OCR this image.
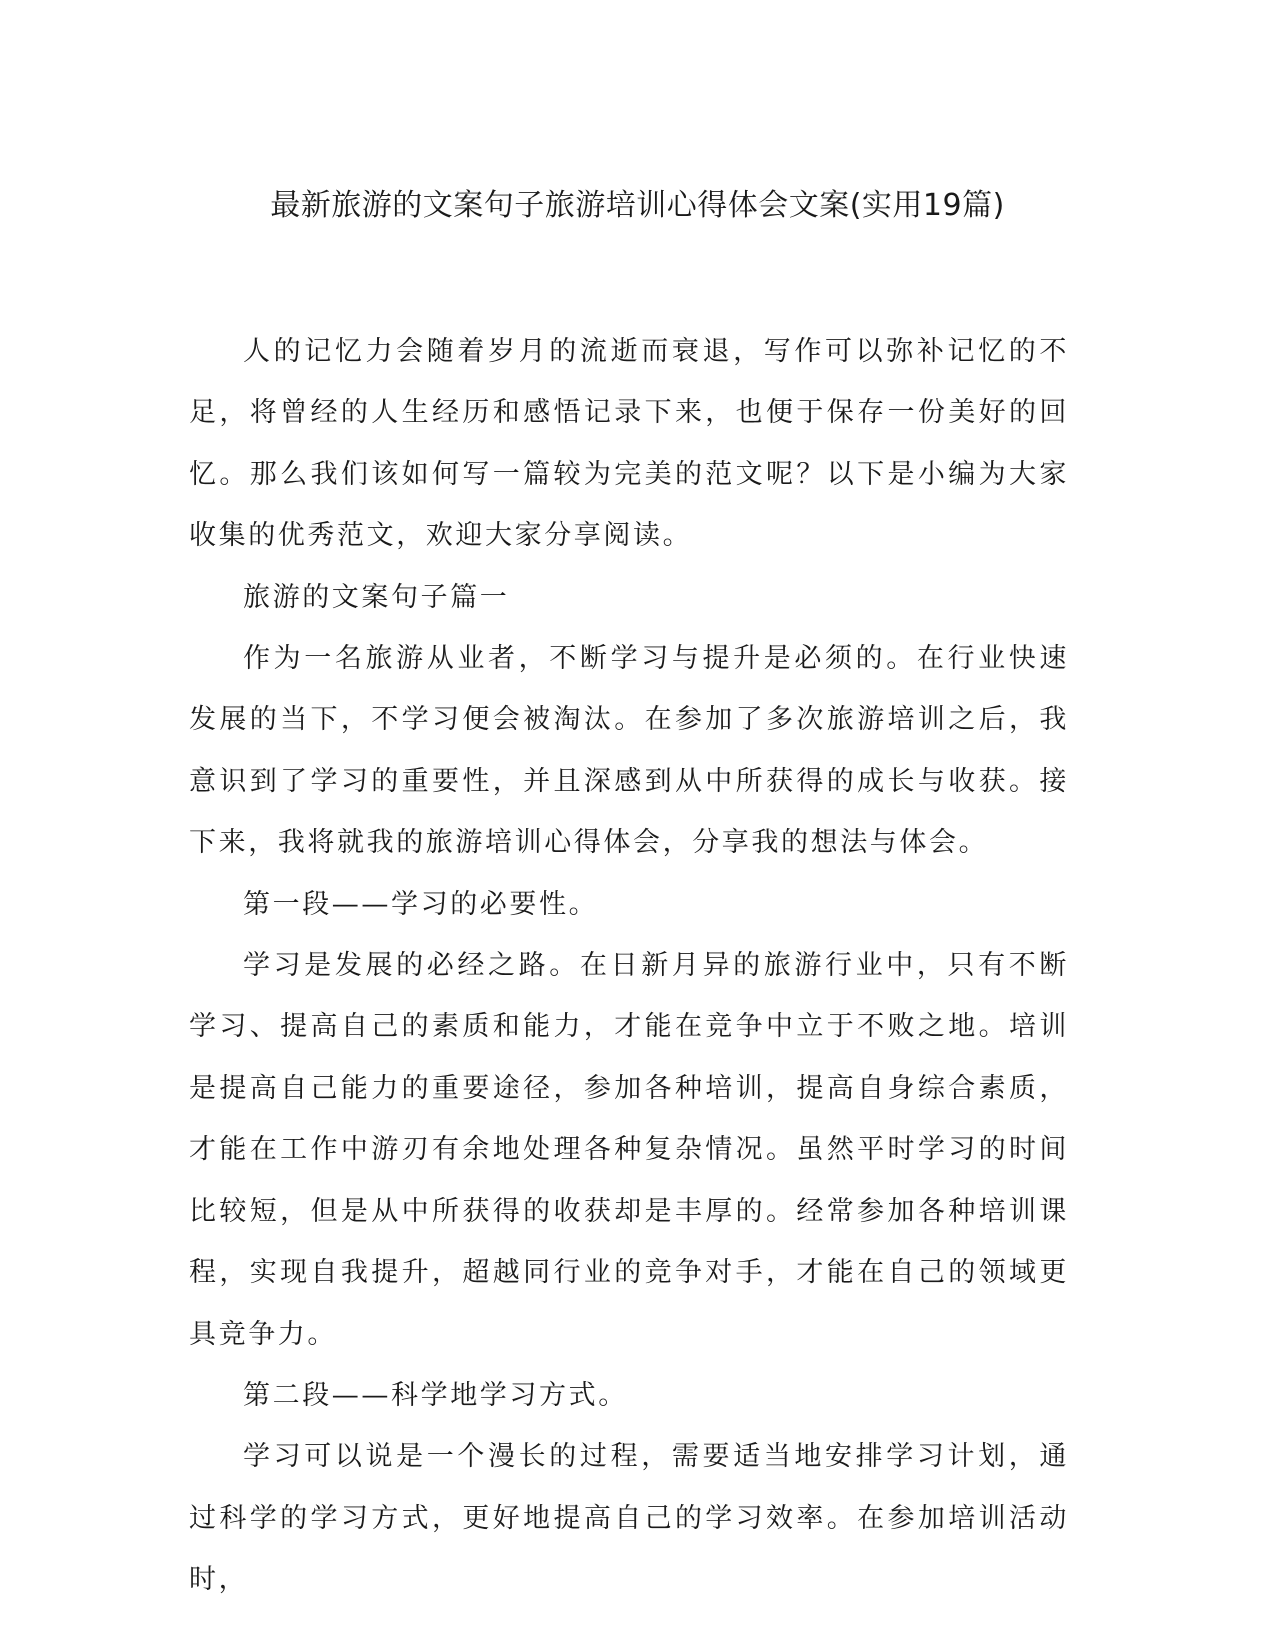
最新旅游的文案句子旅游培训心得体会文案(实用19篇)

人的记忆力会随着岁月的流逝而衰退，写作可以弥补记忆的不足，将曾经的人生经历和感悟记录下来，也便于保存一份美好的回忆。那么我们该如何写一篇较为完美的范文呢？以下是小编为大家收集的优秀范文，欢迎大家分享阅读。

旅游的文案句子篇一

作为一名旅游从业者，不断学习与提升是必须的。在行业快速发展的当下，不学习便会被淘汰。在参加了多次旅游培训之后，我意识到了学习的重要性，并且深感到从中所获得的成长与收获。接下来，我将就我的旅游培训心得体会，分享我的想法与体会。

第一段——学习的必要性。

学习是发展的必经之路。在日新月异的旅游行业中，只有不断学习、提高自己的素质和能力，才能在竞争中立于不败之地。培训是提高自己能力的重要途径，参加各种培训，提高自身综合素质，才能在工作中游刃有余地处理各种复杂情况。虽然平时学习的时间比较短，但是从中所获得的收获却是丰厚的。经常参加各种培训课程，实现自我提升，超越同行业的竞争对手，才能在自己的领域更具竞争力。

第二段——科学地学习方式。

学习可以说是一个漫长的过程，需要适当地安排学习计划，通过科学的学习方式，更好地提高自己的学习效率。在参加培训活动时，
